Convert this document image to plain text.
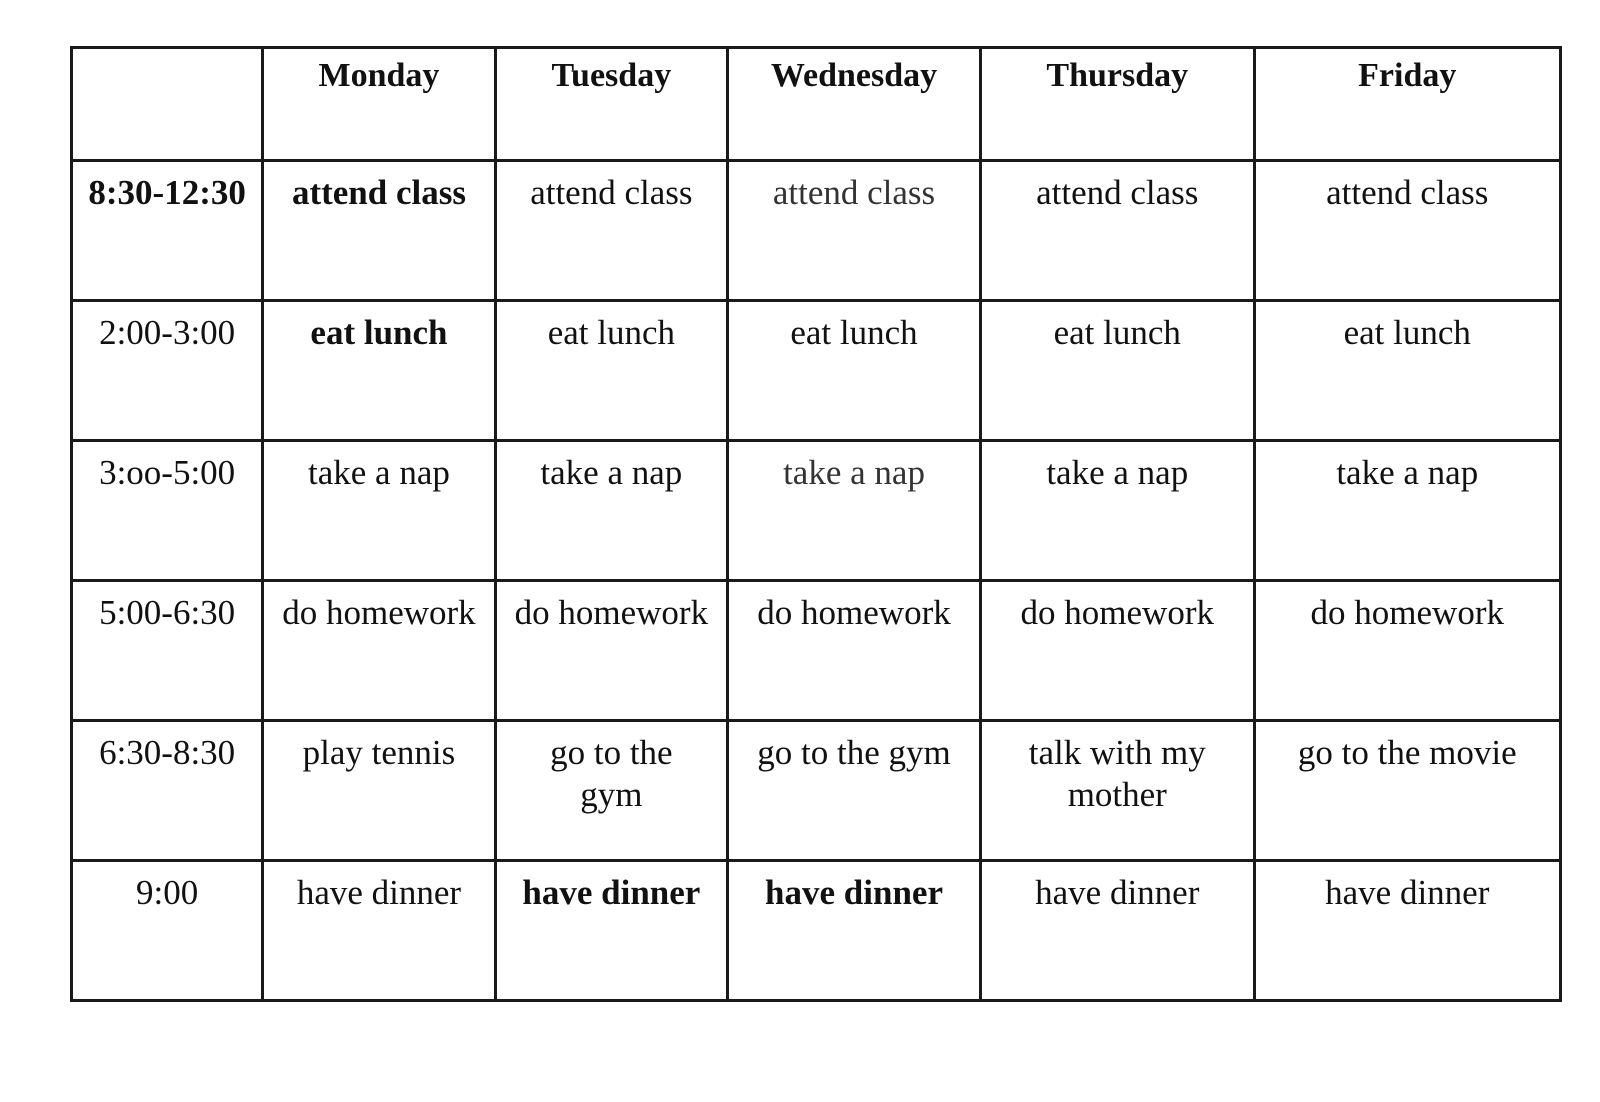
	Monday	Tuesday	Wednesday	Thursday	Friday
8:30-12:30	attend class	attend class	attend class	attend class	attend class
2:00-3:00	eat lunch	eat lunch	eat lunch	eat lunch	eat lunch
3:oo-5:00	take a nap	take a nap	take a nap	take a nap	take a nap
5:00-6:30	do homework	do homework	do homework	do homework	do homework
6:30-8:30	play tennis	go to the gym	go to the gym	talk with my mother	go to the movie
9:00	have dinner	have dinner	have dinner	have dinner	have dinner
